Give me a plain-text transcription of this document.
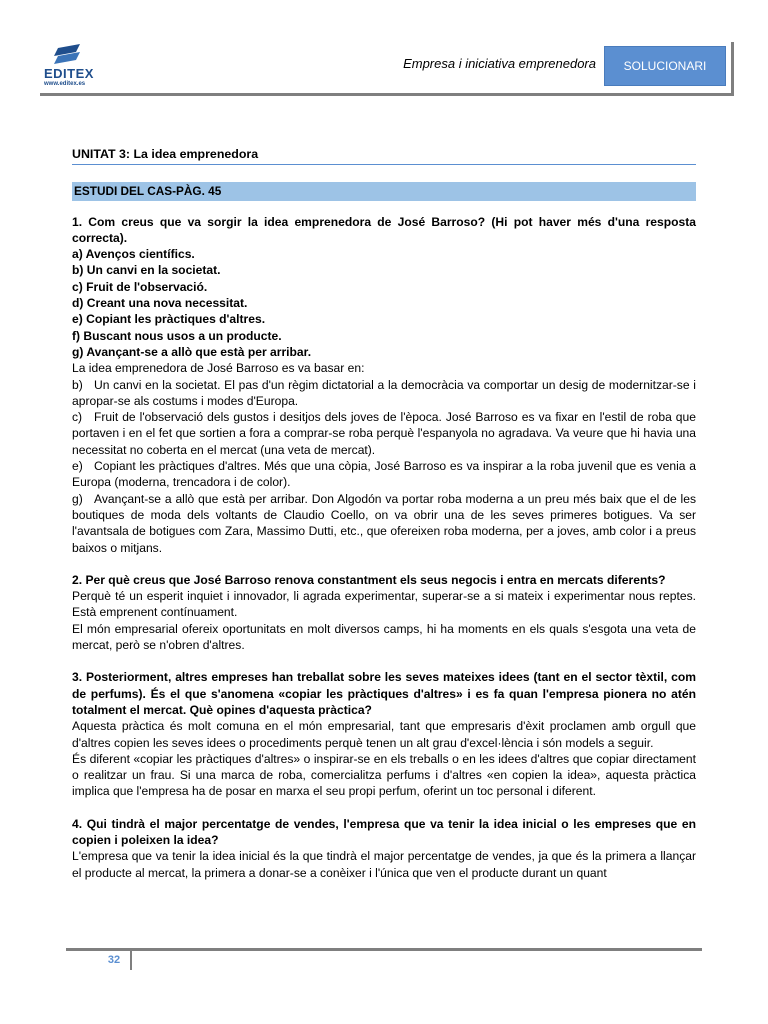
EDITEX
www.editex.es
Empresa i iniciativa emprenedora	SOLUCIONARI
UNITAT 3: La idea emprenedora
ESTUDI DEL CAS-PÀG. 45

1. Com creus que va sorgir la idea emprenedora de José Barroso? (Hi pot haver més d'una resposta correcta).

a) Avenços científics.

b) Un canvi en la societat.

c) Fruit de l'observació.

d) Creant una nova necessitat.

e) Copiant les pràctiques d'altres.

f) Buscant nous usos a un producte.

g) Avançant-se a allò que està per arribar.

La idea emprenedora de José Barroso es va basar en:

b) Un canvi en la societat. El pas d'un règim dictatorial a la democràcia va comportar un desig de modernitzar-se i apropar-se als costums i modes d'Europa.

c) Fruit de l'observació dels gustos i desitjos dels joves de l'època. José Barroso es va fixar en l'estil de roba que portaven i en el fet que sortien a fora a comprar-se roba perquè l'espanyola no agradava. Va veure que hi havia una necessitat no coberta en el mercat (una veta de mercat).

e) Copiant les pràctiques d'altres. Més que una còpia, José Barroso es va inspirar a la roba juvenil que es venia a Europa (moderna, trencadora i de color).

g) Avançant-se a allò que està per arribar. Don Algodón va portar roba moderna a un preu més baix que el de les boutiques de moda dels voltants de Claudio Coello, on va obrir una de les seves primeres botigues. Va ser l'avantsala de botigues com Zara, Massimo Dutti, etc., que ofereixen roba moderna, per a joves, amb color i a preus baixos o mitjans.

2. Per què creus que José Barroso renova constantment els seus negocis i entra en mercats diferents?

Perquè té un esperit inquiet i innovador, li agrada experimentar, superar-se a si mateix i experimentar nous reptes. Està emprenent contínuament.

El món empresarial ofereix oportunitats en molt diversos camps, hi ha moments en els quals s'esgota una veta de mercat, però se n'obren d'altres.

3. Posteriorment, altres empreses han treballat sobre les seves mateixes idees (tant en el sector tèxtil, com de perfums). És el que s'anomena «copiar les pràctiques d'altres» i es fa quan l'empresa pionera no atén totalment el mercat. Què opines d'aquesta pràctica?

Aquesta pràctica és molt comuna en el món empresarial, tant que empresaris d'èxit proclamen amb orgull que d'altres copien les seves idees o procediments perquè tenen un alt grau d'excel·lència i són models a seguir.

És diferent «copiar les pràctiques d'altres» o inspirar-se en els treballs o en les idees d'altres que copiar directament o realitzar un frau. Si una marca de roba, comercialitza perfums i d'altres «en copien la idea», aquesta pràctica implica que l'empresa ha de posar en marxa el seu propi perfum, oferint un toc personal i diferent.

4. Qui tindrà el major percentatge de vendes, l'empresa que va tenir la idea inicial o les empreses que en copien i poleixen la idea?

L'empresa que va tenir la idea inicial és la que tindrà el major percentatge de vendes, ja que és la primera a llançar el producte al mercat, la primera a donar-se a conèixer i l'única que ven el producte durant un quant

32
